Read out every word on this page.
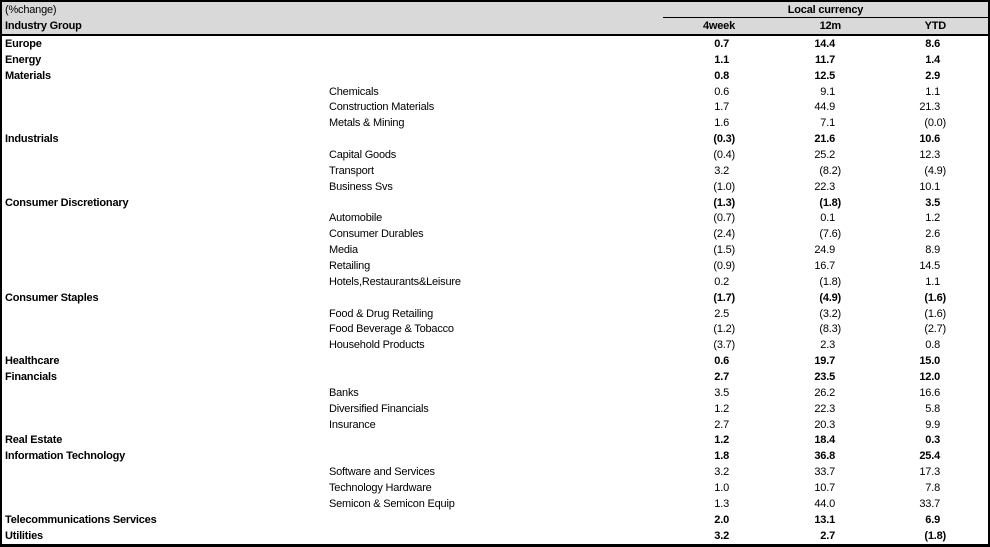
(%change)	Local currency			
Industry Group	4week	12m	YTD	
Europe	0.7	14.4	8.6	
Energy	1.1	11.7	1.4	
Materials	0.8	12.5	2.9	
Chemicals	0.6	9.1	1.1	
Construction Materials	1.7	44.9	21.3	
Metals & Mining	1.6	7.1	(0.0)	
Industrials	(0.3)	21.6	10.6	
Capital Goods	(0.4)	25.2	12.3	
Transport	3.2	(8.2)	(4.9)	
Business Svs	(1.0)	22.3	10.1	
Consumer Discretionary	(1.3)	(1.8)	3.5	
Automobile	(0.7)	0.1	1.2	
Consumer Durables	(2.4)	(7.6)	2.6	
Media	(1.5)	24.9	8.9	
Retailing	(0.9)	16.7	14.5	
Hotels,Restaurants&Leisure	0.2	(1.8)	1.1	
Consumer Staples	(1.7)	(4.9)	(1.6)	
Food & Drug Retailing	2.5	(3.2)	(1.6)	
Food Beverage & Tobacco	(1.2)	(8.3)	(2.7)	
Household Products	(3.7)	2.3	0.8	
Healthcare	0.6	19.7	15.0	
Financials	2.7	23.5	12.0	
Banks	3.5	26.2	16.6	
Diversified Financials	1.2	22.3	5.8	
Insurance	2.7	20.3	9.9	
Real Estate	1.2	18.4	0.3	
Information Technology	1.8	36.8	25.4	
Software and Services	3.2	33.7	17.3	
Technology Hardware	1.0	10.7	7.8	
Semicon & Semicon Equip	1.3	44.0	33.7	
Telecommunications Services	2.0	13.1	6.9	
Utilities	3.2	2.7	(1.8)	
